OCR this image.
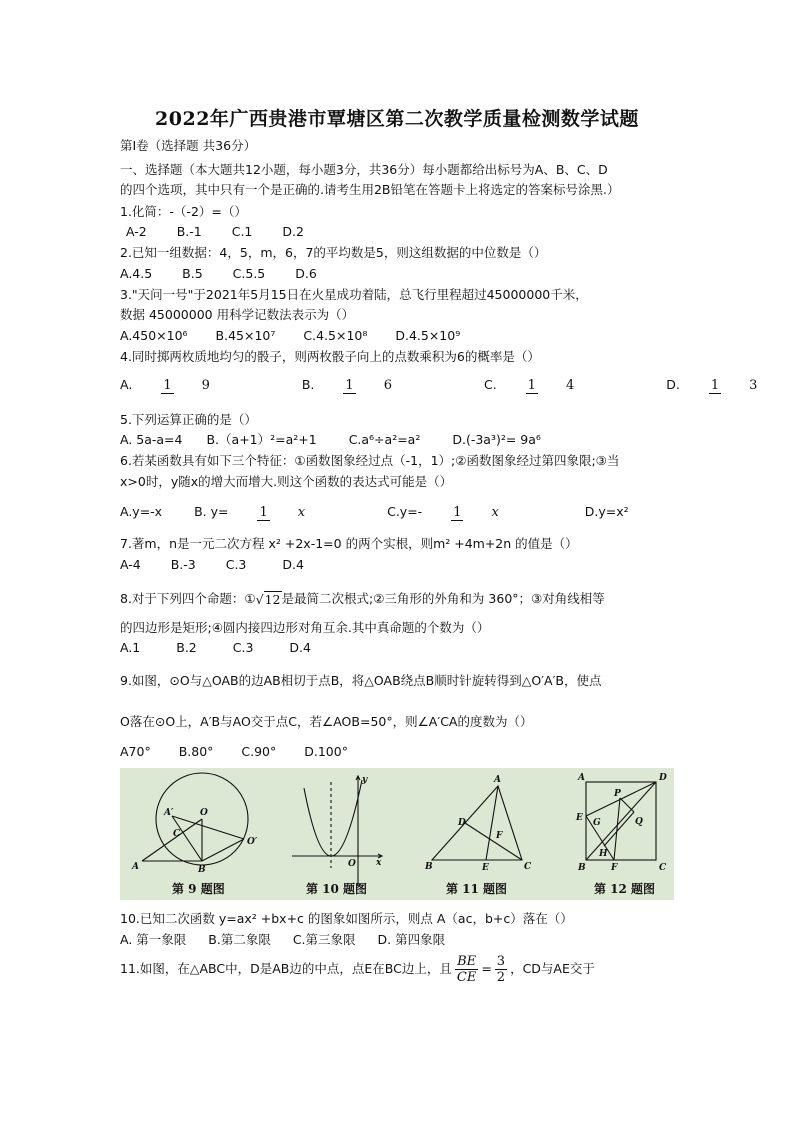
2022年广西贵港市覃塘区第二次教学质量检测数学试题
第Ⅰ卷（选择题 共36分）
一、选择题（本大题共12小题，每小题3分，共36分）每小题都给出标号为A、B、C、D
的四个选项，其中只有一个是正确的.请考生用2B铅笔在答题卡上将选定的答案标号涂黑.）
1.化简：-（-2）=（）
A-2 B.-1 C.1 D.2
2.已知一组数据：4，5，m，6，7的平均数是5，则这组数据的中位数是（）
A.4.5 B.5 C.5.5 D.6
3."天问一号"于2021年5月15日在火星成功着陆，总飞行里程超过45000000千米，
数据 45000000 用科学记数法表示为（）
A.450×10⁶ B.45×10⁷ C.4.5×10⁸ D.4.5×10⁹
4.同时掷两枚质地均匀的骰子，则两枚骰子向上的点数乘积为6的概率是（）
A. 1 9	B. 1 6	C. 1 4	D. 1 3
5.下列运算正确的是（）
A. 5a-a=4 B.（a+1）²=a²+1	C.a⁶÷a²=a²	D.(-3a³)²= 9a⁶
6.若某函数具有如下三个特征：①函数图象经过点（-1，1）;②函数图象经过第四象限;③当
x>0时，y随x的增大而增大.则这个函数的表达式可能是（）
A.y=-x	B. y= 1 x	C.y=- 1 x	D.y=x²
7.著m，n是一元二次方程 x² +2x-1=0 的两个实根，则m² +4m+2n 的值是（）
A-4 B.-3 C.3	D.4
8.对于下列四个命题：①√12是最简二次根式;②三角形的外角和为 360°；③对角线相等
的四边形是矩形;④圆内接四边形对角互余.其中真命题的个数为（）
A.1	B.2	C.3	D.4
9.如图，⊙O与△OAB的边AB相切于点B，将△OAB绕点B顺时针旋转得到△O′A′B，使点
O落在⊙O上，A′B与AO交于点C，若∠AOB=50°，则∠A′CA的度数为（）
A70° B.80° C.90° D.100°
A
A′	O
O′
C
B
y
O x
A
D
F
B	E	C
A	D
P
E G	Q
H
B	F	C
第 9 题图	第 10 题图	第 11 题图	第 12 题图
10.已知二次函数 y=ax² +bx+c 的图象如图所示，则点 A（ac，b+c）落在（）
A. 第一象限 B.第二象限 C.第三象限 D. 第四象限
11.如图，在△ABC中，D是AB边的中点，点E在BC边上，且 $\frac{BE}{CE} = \frac{3}{2}$ ，CD与AE交于
